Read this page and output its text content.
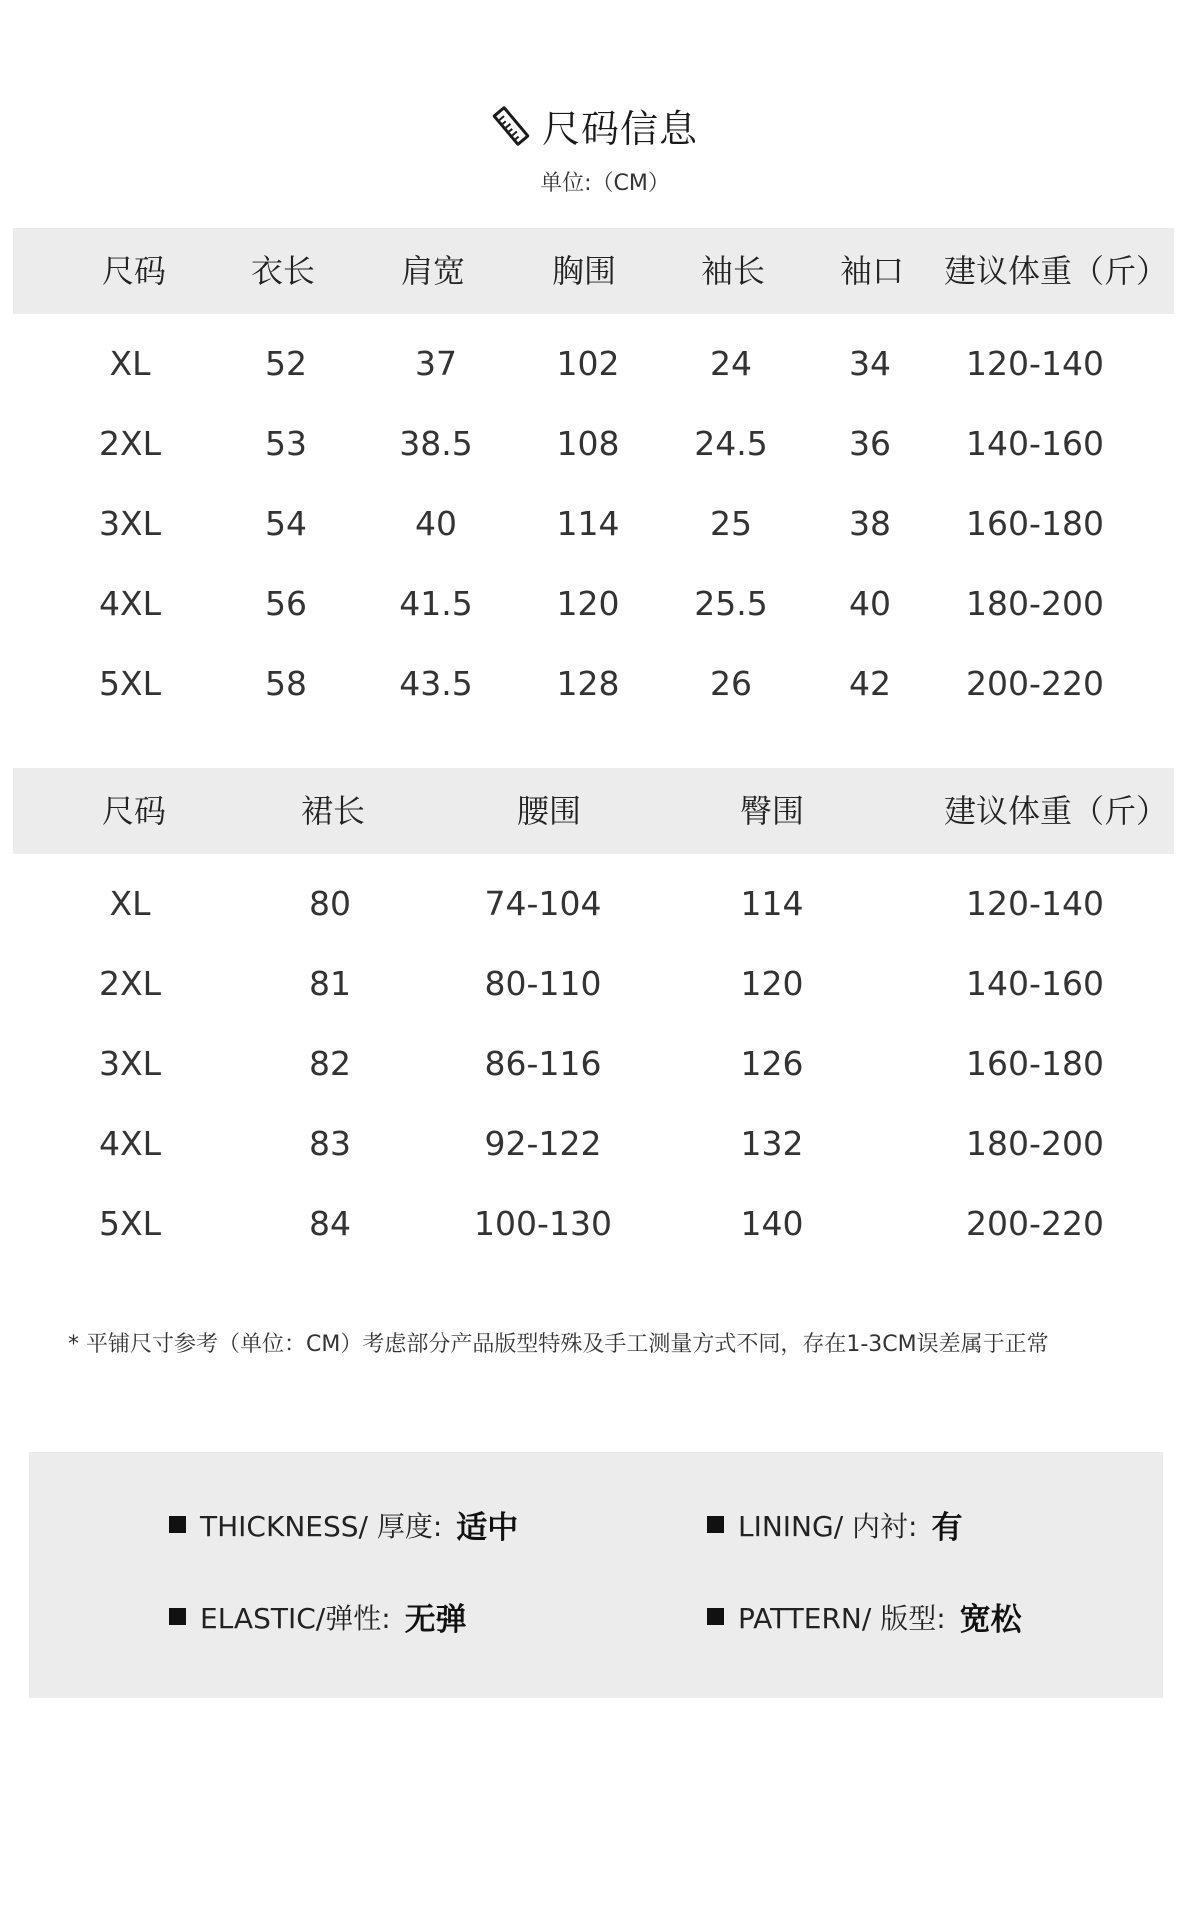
尺码信息
单位:（CM）
尺码	衣长	肩宽	胸围	袖长 袖口 建议体重（斤）
XL	52	37	102	24	34 120-140
2XL	53	38.5	108 24.5 36 140-160
3XL	54	40	114	25	38 160-180
4XL	56	41.5	120 25.5 40 180-200
5XL	58	43.5	128	26	42 200-220
尺码	裙长	腰围	臀围	建议体重（斤）
XL	80	74-104	114	120-140
2XL	81	80-110	120	140-160
3XL	82	86-116	126	160-180
4XL	83	92-122	132	180-200
5XL	84	100-130	140	200-220
* 平铺尺寸参考（单位：CM）考虑部分产品版型特殊及手工测量方式不同，存在1-3CM误差属于正常
THICKNESS/ 厚度: 适中	LINING/ 内衬: 有
ELASTIC/弹性: 无弹	PATTERN/ 版型: 宽松
